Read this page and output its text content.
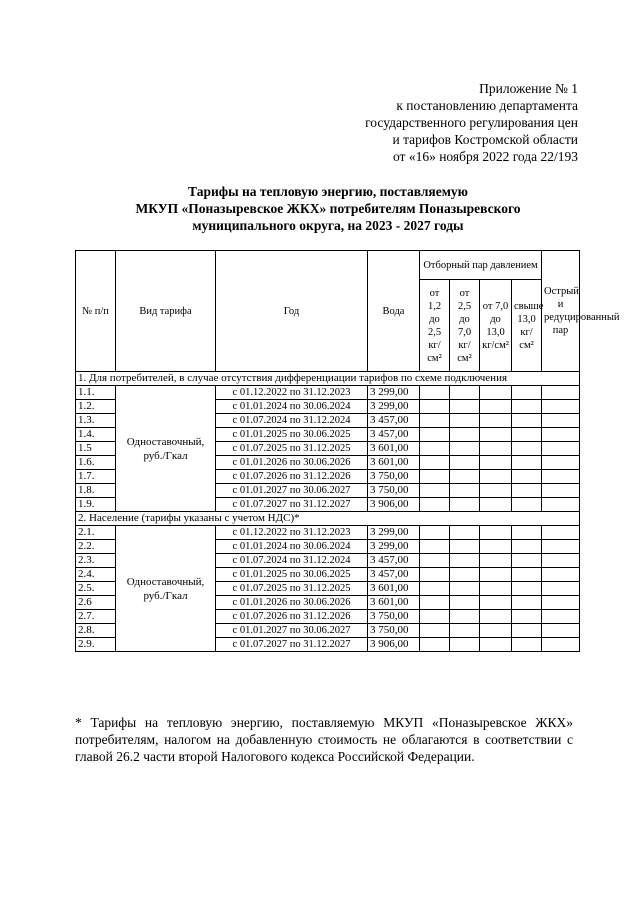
Приложение № 1
к постановлению департамента
государственного регулирования цен
и тарифов Костромской области
от «16» ноября 2022 года 22/193
Тарифы на тепловую энергию, поставляемую
МКУП «Поназыревское ЖКХ» потребителям Поназыревского
муниципального округа, на 2023 - 2027 годы
№ п/п	Вид тарифа	Год	Вода	Отборный пар давлением				Острый и редуцированный пар
				от 1,2 до 2,5 кг/см²	от 2,5 до 7,0 кг/см²	от 7,0 до 13,0 кг/см²	свыше 13,0 кг/см²	
1. Для потребителей, в случае отсутствия дифференциации тарифов по схеме подключения								
1.1.	Одноставочный, руб./Гкал	с 01.12.2022 по 31.12.2023	3 299,00					
1.2.		с 01.01.2024 по 30.06.2024	3 299,00					
1.3.		с 01.07.2024 по 31.12.2024	3 457,00					
1.4.		с 01.01.2025 по 30.06.2025	3 457,00					
1.5		с 01.07.2025 по 31.12.2025	3 601,00					
1.6.		с 01.01.2026 по 30.06.2026	3 601,00					
1.7.		с 01.07.2026 по 31.12.2026	3 750,00					
1.8.		с 01.01.2027 по 30.06.2027	3 750,00					
1.9.		с 01.07.2027 по 31.12.2027	3 906,00					
2. Население (тарифы указаны с учетом НДС)*								
2.1.	Одноставочный, руб./Гкал	с 01.12.2022 по 31.12.2023	3 299,00					
2.2.		с 01.01.2024 по 30.06.2024	3 299,00					
2.3.		с 01.07.2024 по 31.12.2024	3 457,00					
2.4.		с 01.01.2025 по 30.06.2025	3 457,00					
2.5.		с 01.07.2025 по 31.12.2025	3 601,00					
2.6		с 01.01.2026 по 30.06.2026	3 601,00					
2.7.		с 01.07.2026 по 31.12.2026	3 750,00					
2.8.		с 01.01.2027 по 30.06.2027	3 750,00					
2.9.		с 01.07.2027 по 31.12.2027	3 906,00					
* Тарифы на тепловую энергию, поставляемую МКУП «Поназыревское ЖКХ» потребителям, налогом на добавленную стоимость не облагаются в соответствии с главой 26.2 части второй Налогового кодекса Российской Федерации.
